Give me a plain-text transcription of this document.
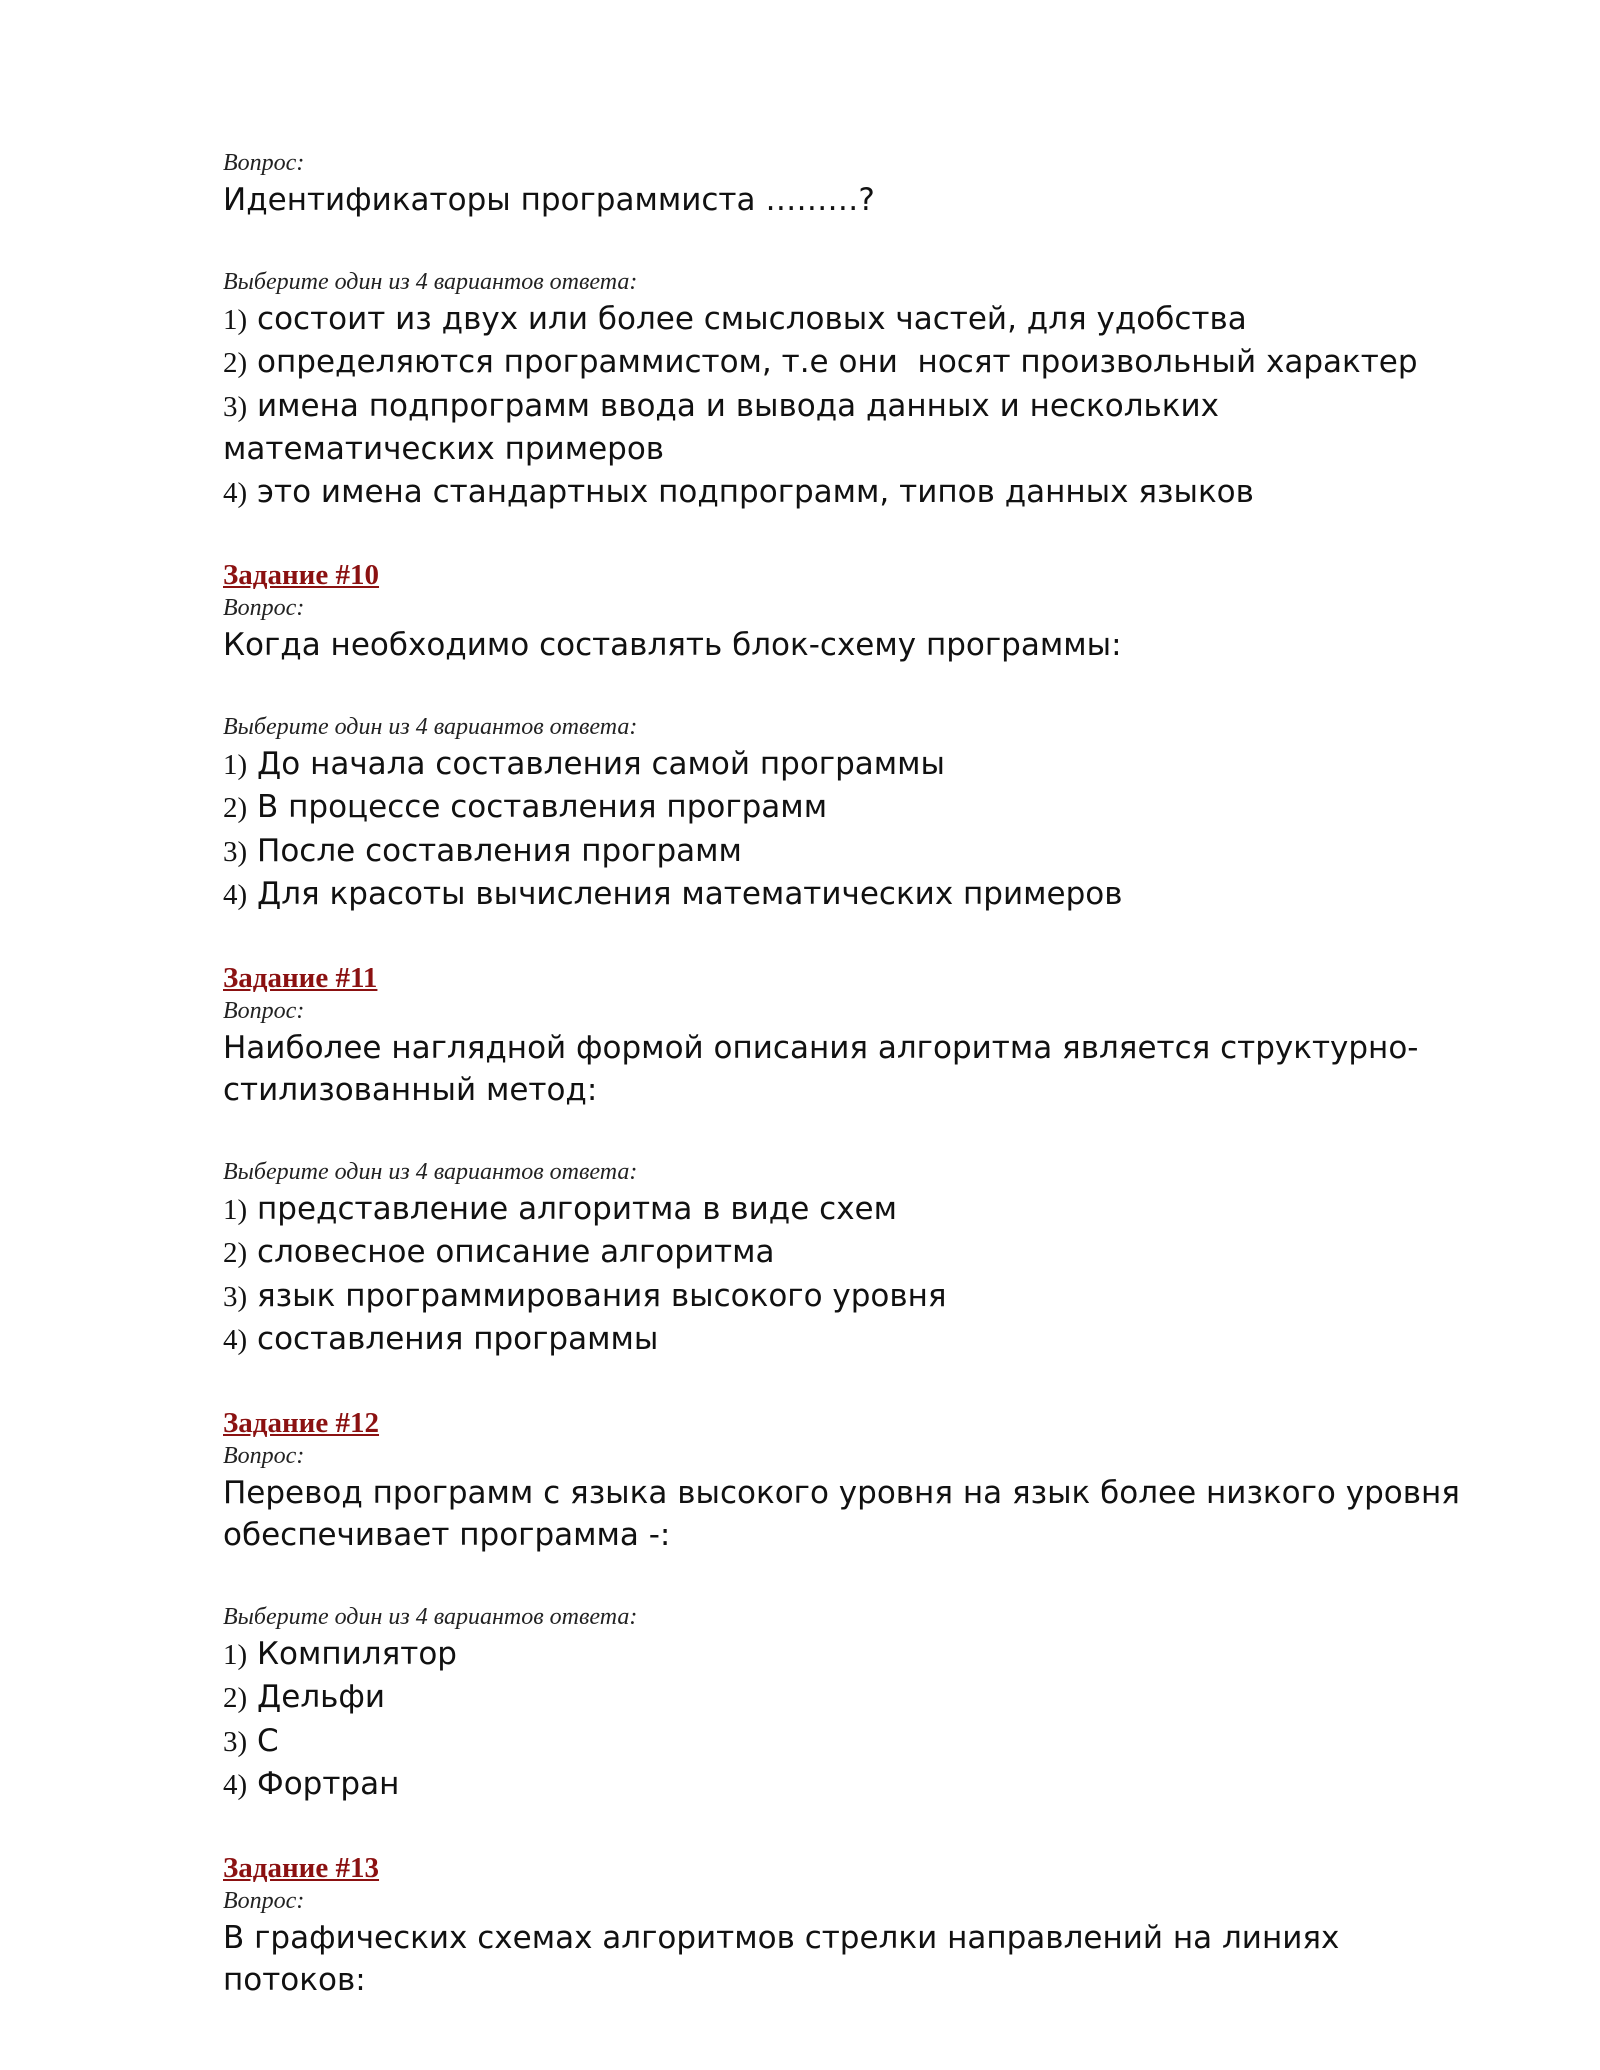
Вопрос:

Идентификаторы программиста ………?

Выберите один из 4 вариантов ответа:

1) состоит из двух или более смысловых частей, для удобства

2) определяются программистом, т.е они  носят произвольный характер

3) имена подпрограмм ввода и вывода данных и нескольких математических примеров

4) это имена стандартных подпрограмм, типов данных языков

Задание #10

Вопрос:

Когда необходимо составлять блок-схему программы:

Выберите один из 4 вариантов ответа:

1) До начала составления самой программы

2) В процессе составления программ

3) После составления программ

4) Для красоты вычисления математических примеров

Задание #11

Вопрос:

Наиболее наглядной формой описания алгоритма является структурно-стилизованный метод:

Выберите один из 4 вариантов ответа:

1) представление алгоритма в виде схем

2) словесное описание алгоритма

3) язык программирования высокого уровня

4) составления программы

Задание #12

Вопрос:

Перевод программ с языка высокого уровня на язык более низкого уровня обеспечивает программа -:

Выберите один из 4 вариантов ответа:

1) Компилятор

2) Дельфи

3) С

4) Фортран

Задание #13

Вопрос:

В графических схемах алгоритмов стрелки направлений на линиях потоков:
